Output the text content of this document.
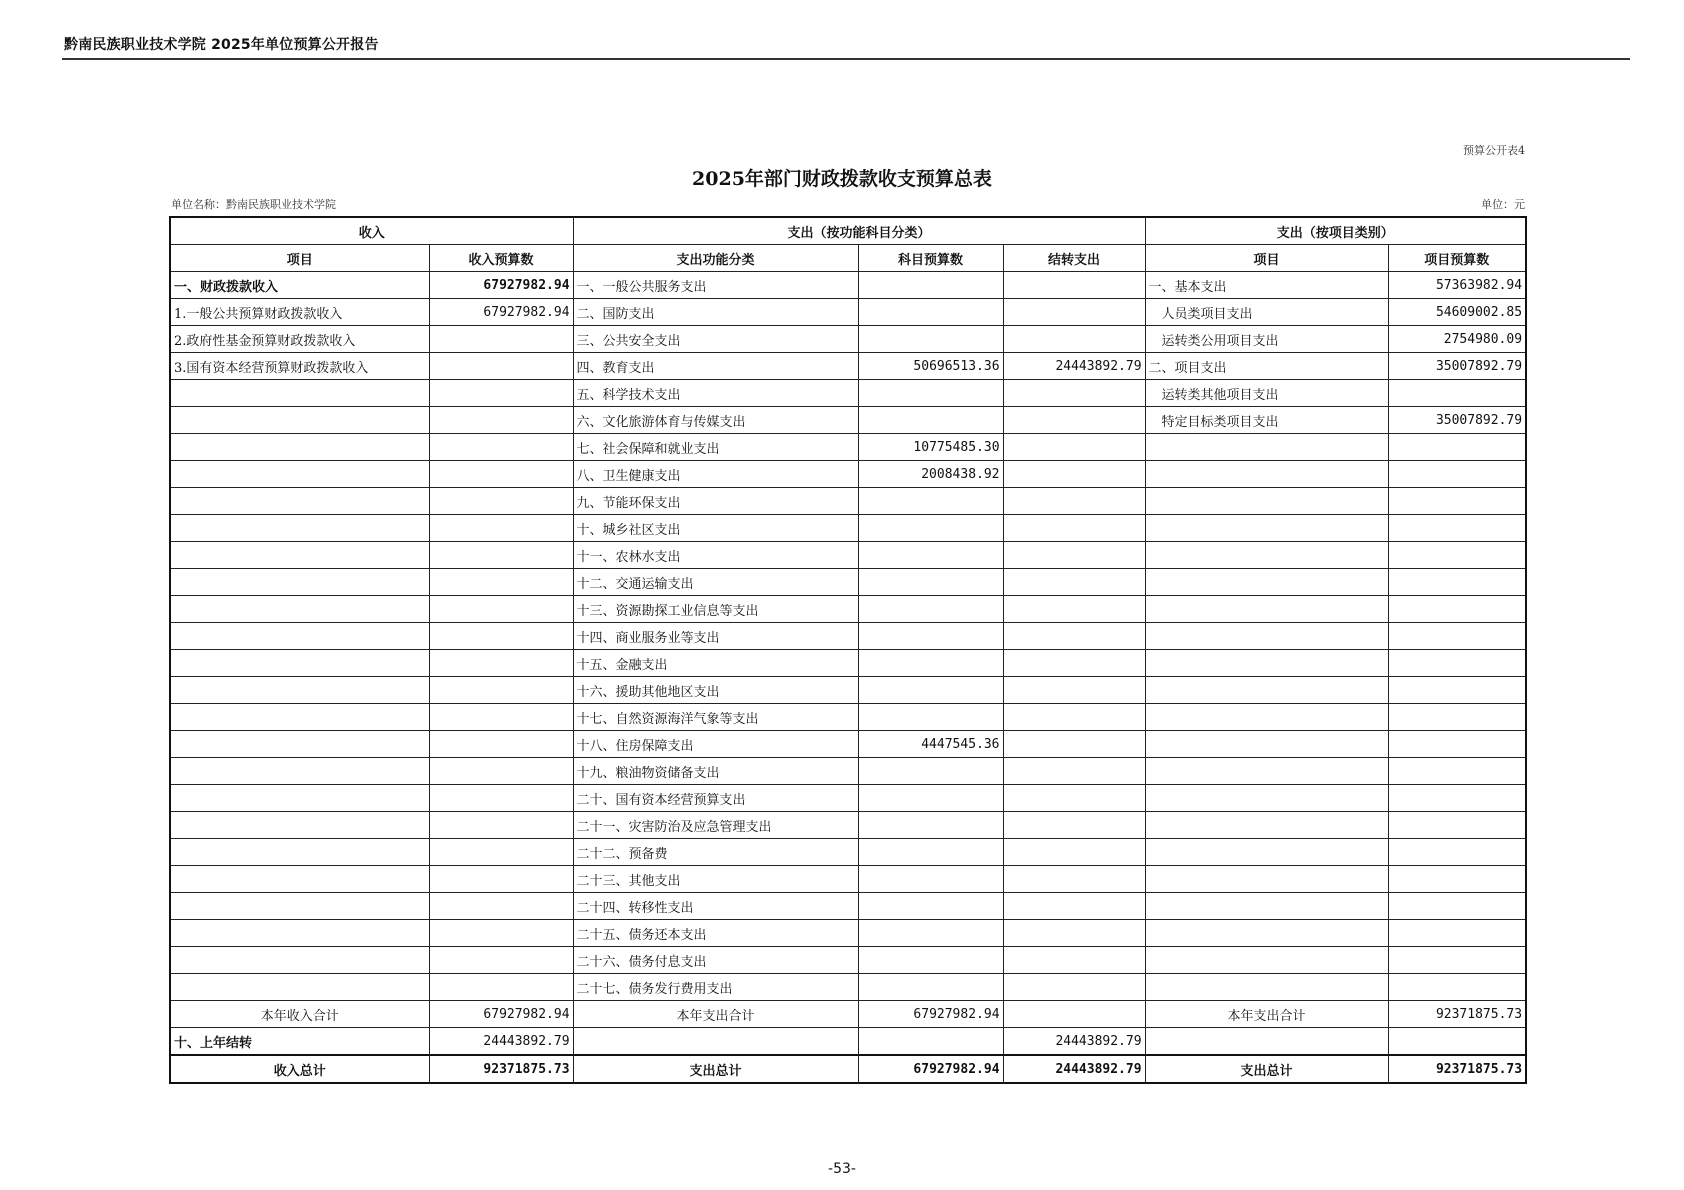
黔南民族职业技术学院 2025年单位预算公开报告
预算公开表4
2025年部门财政拨款收支预算总表
单位名称：黔南民族职业技术学院	单位：元
收入		支出（按功能科目分类）			支出（按项目类别）	
项目	收入预算数	支出功能分类	科目预算数	结转支出	项目	项目预算数
一、财政拨款收入	67927982.94	一、一般公共服务支出			一、基本支出	57363982.94
1.一般公共预算财政拨款收入	67927982.94	二、国防支出			人员类项目支出	54609002.85
2.政府性基金预算财政拨款收入		三、公共安全支出			运转类公用项目支出	2754980.09
3.国有资本经营预算财政拨款收入		四、教育支出	50696513.36	24443892.79	二、项目支出	35007892.79
		五、科学技术支出			运转类其他项目支出	
		六、文化旅游体育与传媒支出			特定目标类项目支出	35007892.79
		七、社会保障和就业支出	10775485.30			
		八、卫生健康支出	2008438.92			
		九、节能环保支出				
		十、城乡社区支出				
		十一、农林水支出				
		十二、交通运输支出				
		十三、资源勘探工业信息等支出				
		十四、商业服务业等支出				
		十五、金融支出				
		十六、援助其他地区支出				
		十七、自然资源海洋气象等支出				
		十八、住房保障支出	4447545.36			
		十九、粮油物资储备支出				
		二十、国有资本经营预算支出				
		二十一、灾害防治及应急管理支出				
		二十二、预备费				
		二十三、其他支出				
		二十四、转移性支出				
		二十五、债务还本支出				
		二十六、债务付息支出				
		二十七、债务发行费用支出				
本年收入合计	67927982.94	本年支出合计	67927982.94		本年支出合计	92371875.73
十、上年结转	24443892.79			24443892.79		
收入总计	92371875.73	支出总计	67927982.94	24443892.79	支出总计	92371875.73
-53-
